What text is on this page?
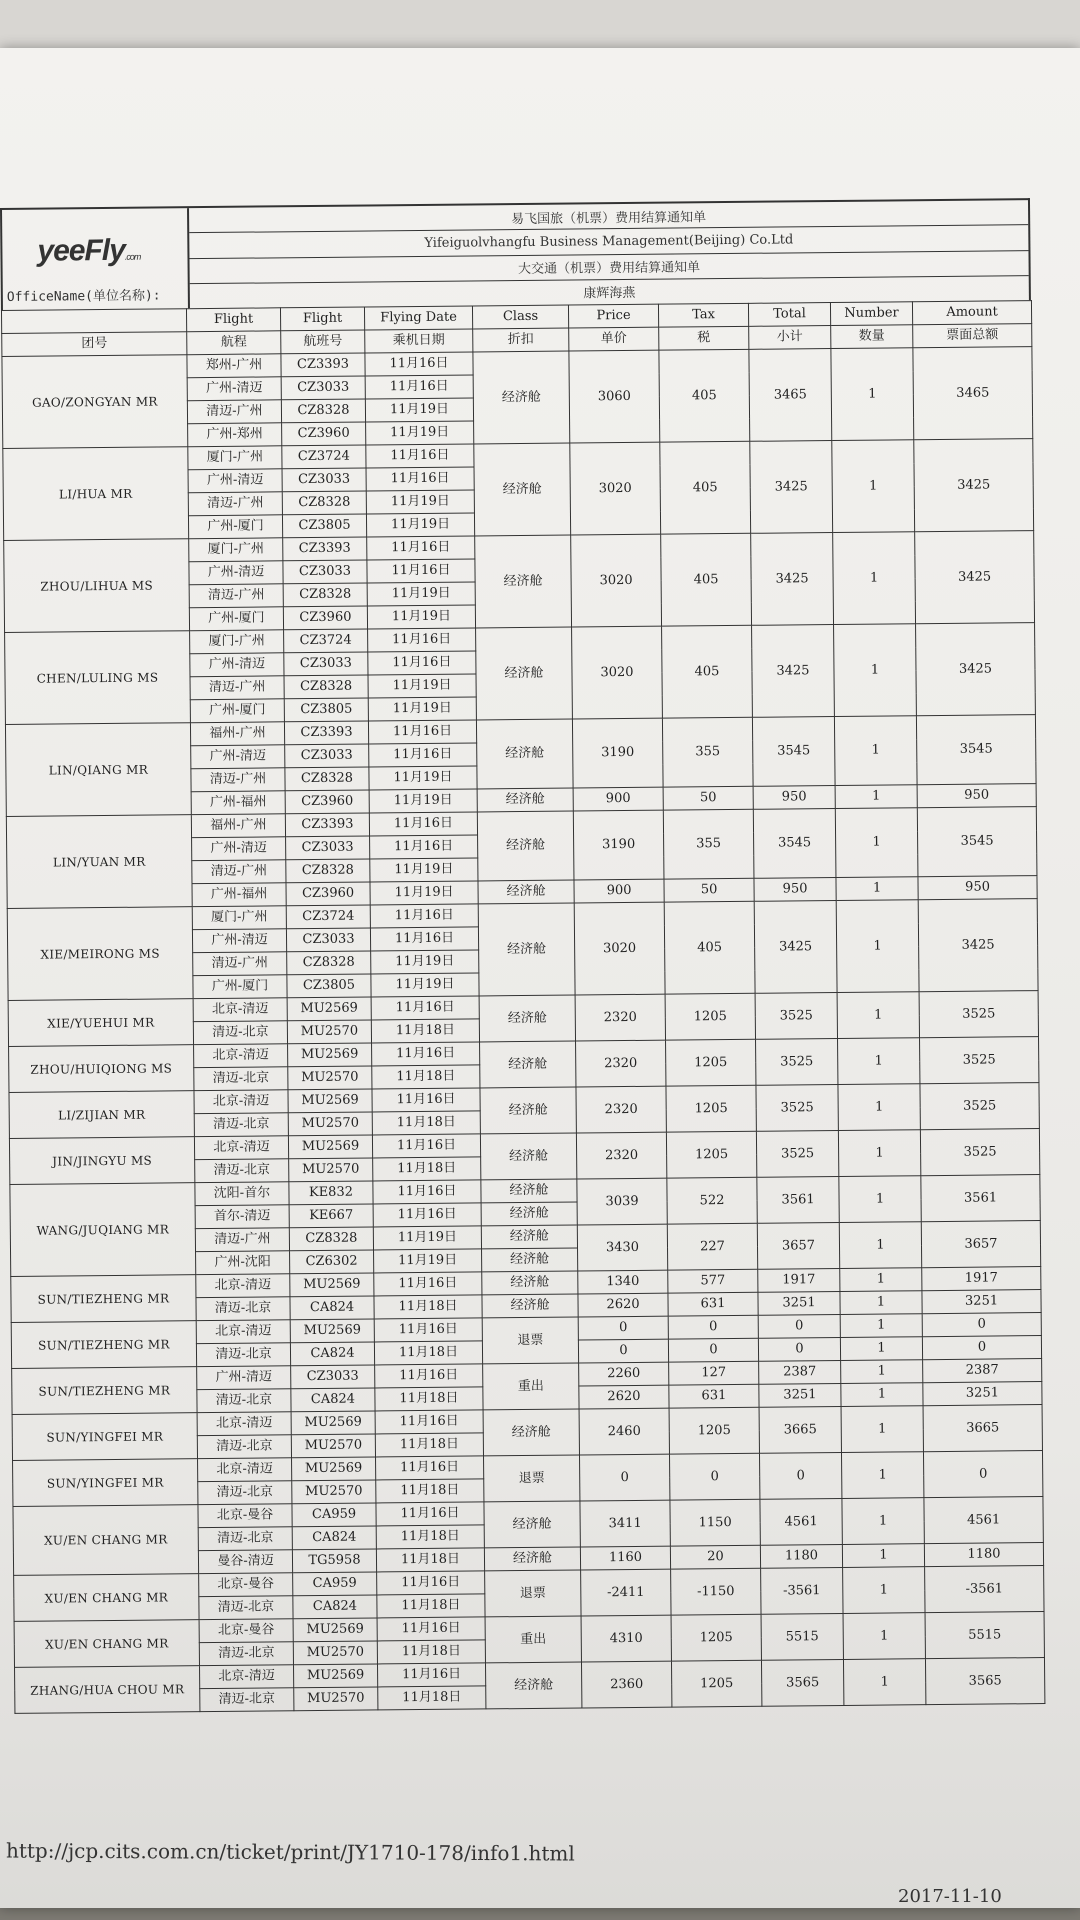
yeeFly.com
OfficeName(单位名称):
易飞国旅（机票）费用结算通知单
Yifeiguolvhangfu Business Management(Beijing) Co.Ltd
大交通（机票）费用结算通知单
康辉海燕
	Flight	Flight	Flying Date	Class	Price	Tax	Total	Number	Amount
团号	航程	航班号	乘机日期	折扣	单价	税	小计	数量	票面总额
GAO/ZONGYAN MR	郑州-广州	CZ3393	11月16日	经济舱	3060	405	3465	1	3465
	广州-清迈	CZ3033	11月16日						
	清迈-广州	CZ8328	11月19日						
	广州-郑州	CZ3960	11月19日						
LI/HUA MR	厦门-广州	CZ3724	11月16日	经济舱	3020	405	3425	1	3425
	广州-清迈	CZ3033	11月16日						
	清迈-广州	CZ8328	11月19日						
	广州-厦门	CZ3805	11月19日						
ZHOU/LIHUA MS	厦门-广州	CZ3393	11月16日	经济舱	3020	405	3425	1	3425
	广州-清迈	CZ3033	11月16日						
	清迈-广州	CZ8328	11月19日						
	广州-厦门	CZ3960	11月19日						
CHEN/LULING MS	厦门-广州	CZ3724	11月16日	经济舱	3020	405	3425	1	3425
	广州-清迈	CZ3033	11月16日						
	清迈-广州	CZ8328	11月19日						
	广州-厦门	CZ3805	11月19日						
LIN/QIANG MR	福州-广州	CZ3393	11月16日	经济舱	3190	355	3545	1	3545
	广州-清迈	CZ3033	11月16日						
	清迈-广州	CZ8328	11月19日						
	广州-福州	CZ3960	11月19日	经济舱	900	50	950	1	950
LIN/YUAN MR	福州-广州	CZ3393	11月16日	经济舱	3190	355	3545	1	3545
	广州-清迈	CZ3033	11月16日						
	清迈-广州	CZ8328	11月19日						
	广州-福州	CZ3960	11月19日	经济舱	900	50	950	1	950
XIE/MEIRONG MS	厦门-广州	CZ3724	11月16日	经济舱	3020	405	3425	1	3425
	广州-清迈	CZ3033	11月16日						
	清迈-广州	CZ8328	11月19日						
	广州-厦门	CZ3805	11月19日						
XIE/YUEHUI MR	北京-清迈	MU2569	11月16日	经济舱	2320	1205	3525	1	3525
	清迈-北京	MU2570	11月18日						
ZHOU/HUIQIONG MS	北京-清迈	MU2569	11月16日	经济舱	2320	1205	3525	1	3525
	清迈-北京	MU2570	11月18日						
LI/ZIJIAN MR	北京-清迈	MU2569	11月16日	经济舱	2320	1205	3525	1	3525
	清迈-北京	MU2570	11月18日						
JIN/JINGYU MS	北京-清迈	MU2569	11月16日	经济舱	2320	1205	3525	1	3525
	清迈-北京	MU2570	11月18日						
WANG/JUQIANG MR	沈阳-首尔	KE832	11月16日	经济舱	3039	522	3561	1	3561
	首尔-清迈	KE667	11月16日	经济舱					
	清迈-广州	CZ8328	11月19日	经济舱	3430	227	3657	1	3657
	广州-沈阳	CZ6302	11月19日	经济舱					
SUN/TIEZHENG MR	北京-清迈	MU2569	11月16日	经济舱	1340	577	1917	1	1917
	清迈-北京	CA824	11月18日	经济舱	2620	631	3251	1	3251
SUN/TIEZHENG MR	北京-清迈	MU2569	11月16日	退票	0	0	0	1	0
	清迈-北京	CA824	11月18日		0	0	0	1	0
SUN/TIEZHENG MR	广州-清迈	CZ3033	11月16日	重出	2260	127	2387	1	2387
	清迈-北京	CA824	11月18日		2620	631	3251	1	3251
SUN/YINGFEI MR	北京-清迈	MU2569	11月16日	经济舱	2460	1205	3665	1	3665
	清迈-北京	MU2570	11月18日						
SUN/YINGFEI MR	北京-清迈	MU2569	11月16日	退票	0	0	0	1	0
	清迈-北京	MU2570	11月18日						
XU/EN CHANG MR	北京-曼谷	CA959	11月16日	经济舱	3411	1150	4561	1	4561
	清迈-北京	CA824	11月18日						
	曼谷-清迈	TG5958	11月18日	经济舱	1160	20	1180	1	1180
XU/EN CHANG MR	北京-曼谷	CA959	11月16日	退票	-2411	-1150	-3561	1	-3561
	清迈-北京	CA824	11月18日						
XU/EN CHANG MR	北京-曼谷	MU2569	11月16日	重出	4310	1205	5515	1	5515
	清迈-北京	MU2570	11月18日						
ZHANG/HUA CHOU MR	北京-清迈	MU2569	11月16日	经济舱	2360	1205	3565	1	3565
	清迈-北京	MU2570	11月18日						
http://jcp.cits.com.cn/ticket/print/JY1710-178/info1.html
2017-11-10
